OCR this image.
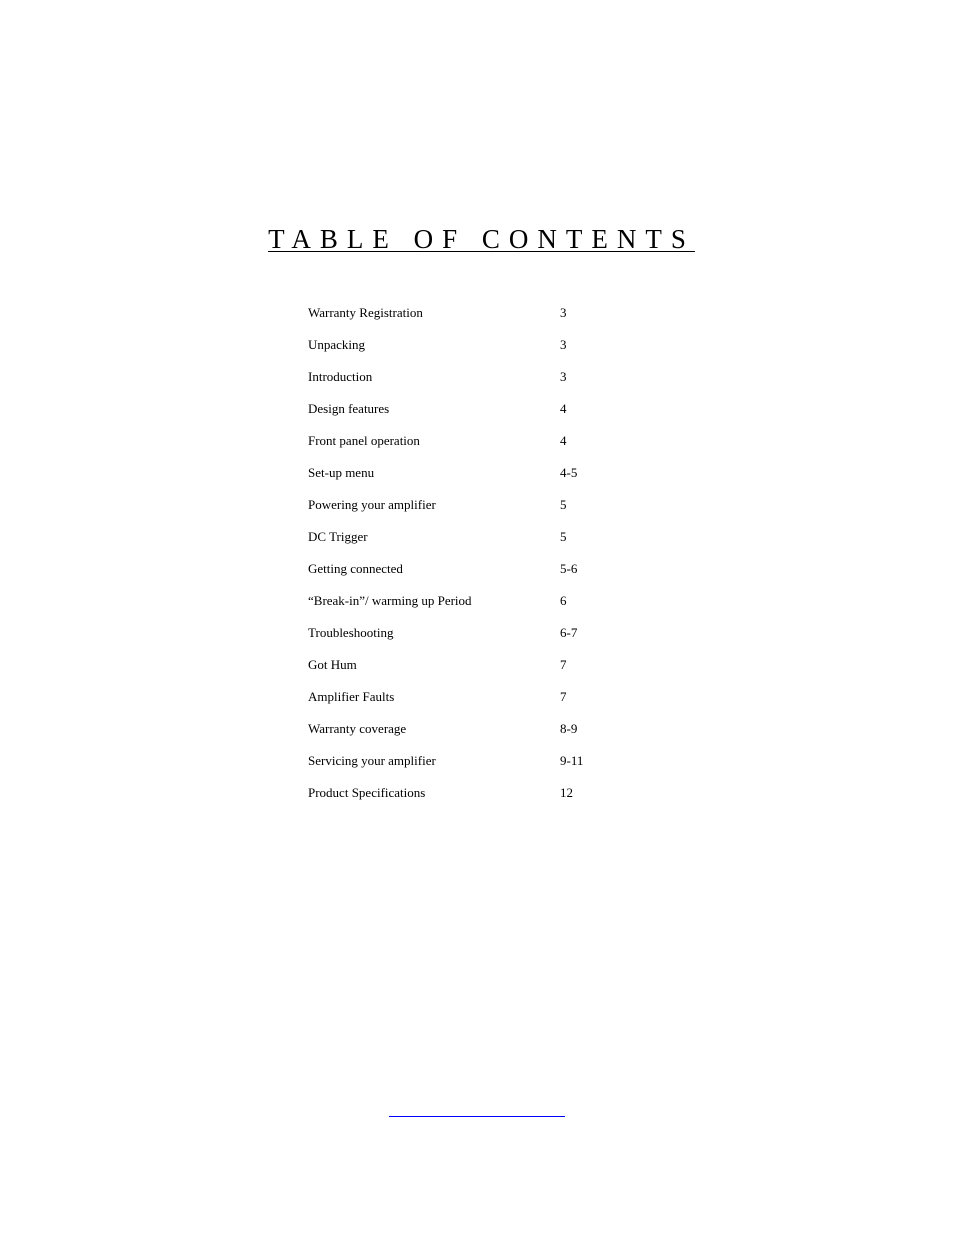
TABLE OF CONTENTS
Warranty Registration	3
Unpacking	3
Introduction	3
Design features	4
Front panel operation	4
Set-up menu	4-5
Powering your amplifier	5
DC Trigger	5
Getting connected	5-6
“Break-in”/ warming up Period	6
Troubleshooting	6-7
Got Hum	7
Amplifier Faults	7
Warranty coverage	8-9
Servicing your amplifier	9-11
Product Specifications	12
